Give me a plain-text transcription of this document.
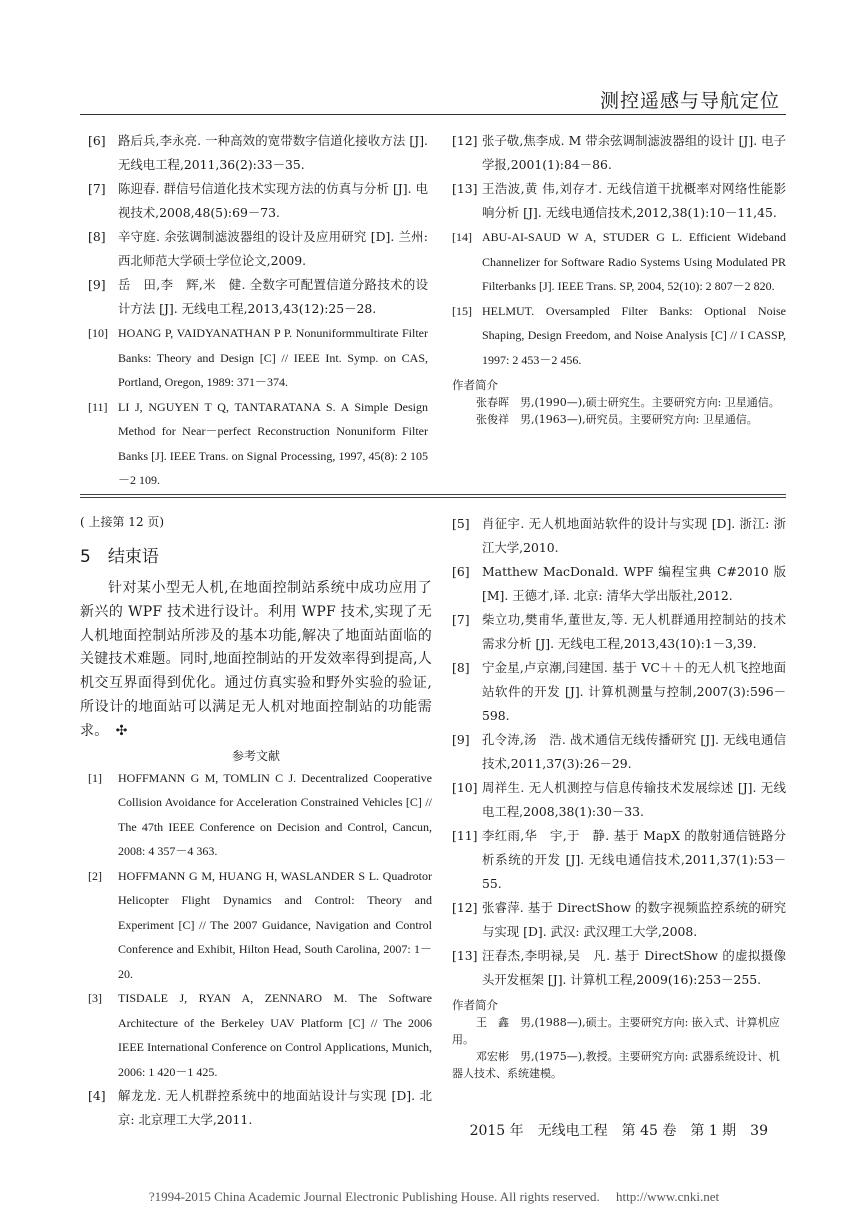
测控遥感与导航定位
[6]	路后兵,李永亮. 一种高效的宽带数字信道化接收方法 [J]. 无线电工程,2011,36(2):33－35.
[7]	陈迎春. 群信号信道化技术实现方法的仿真与分析 [J]. 电视技术,2008,48(5):69－73.
[8]	辛守庭. 余弦调制滤波器组的设计及应用研究 [D]. 兰州: 西北师范大学硕士学位论文,2009.
[9]	岳　田,李　辉,米　健. 全数字可配置信道分路技术的设计方法 [J]. 无线电工程,2013,43(12):25－28.
[10] HOANG P, VAIDYANATHAN P P. Nonuniformmultirate Filter Banks: Theory and Design [C] // IEEE Int. Symp. on CAS, Portland, Oregon, 1989: 371－374.
[11] LI J, NGUYEN T Q, TANTARATANA S. A Simple Design Method for Near－perfect Reconstruction Nonuniform Filter Banks [J]. IEEE Trans. on Signal Processing, 1997, 45(8): 2 105－2 109.
[12] 张子敬,焦李成. M 带余弦调制滤波器组的设计 [J]. 电子学报,2001(1):84－86.
[13] 王浩波,黄 伟,刘存才. 无线信道干扰概率对网络性能影响分析 [J]. 无线电通信技术,2012,38(1):10－11,45.
[14] ABU-AI-SAUD W A, STUDER G L. Efficient Wideband Channelizer for Software Radio Systems Using Modulated PR Filterbanks [J]. IEEE Trans. SP, 2004, 52(10): 2 807－2 820.
[15] HELMUT. Oversampled Filter Banks: Optional Noise Shaping, Design Freedom, and Noise Analysis [C] // I CASSP, 1997: 2 453－2 456.
作者简介
张春晖　男,(1990—),硕士研究生。主要研究方向: 卫星通信。
张俊祥　男,(1963—),研究员。主要研究方向: 卫星通信。
( 上接第 12 页)
5　结束语
针对某小型无人机,在地面控制站系统中成功应用了新兴的 WPF 技术进行设计。利用 WPF 技术,实现了无人机地面控制站所涉及的基本功能,解决了地面站面临的关键技术难题。同时,地面控制站的开发效率得到提高,人机交互界面得到优化。通过仿真实验和野外实验的验证,所设计的地面站可以满足无人机对地面控制站的功能需求。　✣
参考文献
[1]	HOFFMANN G M, TOMLIN C J. Decentralized Cooperative Collision Avoidance for Acceleration Constrained Vehicles [C] // The 47th IEEE Conference on Decision and Control, Cancun, 2008: 4 357－4 363.
[2]	HOFFMANN G M, HUANG H, WASLANDER S L. Quadrotor Helicopter Flight Dynamics and Control: Theory and Experiment [C] // The 2007 Guidance, Navigation and Control Conference and Exhibit, Hilton Head, South Carolina, 2007: 1－20.
[3]	TISDALE J, RYAN A, ZENNARO M. The Software Architecture of the Berkeley UAV Platform [C] // The 2006 IEEE International Conference on Control Applications, Munich, 2006: 1 420－1 425.
[4]	解龙龙. 无人机群控系统中的地面站设计与实现 [D]. 北京: 北京理工大学,2011.
[5]	肖征宇. 无人机地面站软件的设计与实现 [D]. 浙江: 浙江大学,2010.
[6]	Matthew MacDonald. WPF 编程宝典 C#2010 版 [M]. 王德才,译. 北京: 清华大学出版社,2012.
[7]	柴立功,樊甫华,董世友,等. 无人机群通用控制站的技术需求分析 [J]. 无线电工程,2013,43(10):1－3,39.
[8]	宁金星,卢京潮,闫建国. 基于 VC＋＋的无人机飞控地面站软件的开发 [J]. 计算机测量与控制,2007(3):596－598.
[9]	孔令涛,汤　浩. 战术通信无线传播研究 [J]. 无线电通信技术,2011,37(3):26－29.
[10] 周祥生. 无人机测控与信息传输技术发展综述 [J]. 无线电工程,2008,38(1):30－33.
[11] 李红雨,华　宇,于　静. 基于 MapX 的散射通信链路分析系统的开发 [J]. 无线电通信技术,2011,37(1):53－55.
[12] 张睿萍. 基于 DirectShow 的数字视频监控系统的研究与实现 [D]. 武汉: 武汉理工大学,2008.
[13] 汪春杰,李明禄,吴　凡. 基于 DirectShow 的虚拟摄像头开发框架 [J]. 计算机工程,2009(16):253－255.
作者简介
王　鑫　男,(1988—),硕士。主要研究方向: 嵌入式、计算机应用。
邓宏彬　男,(1975—),教授。主要研究方向: 武器系统设计、机器人技术、系统建模。
2015 年　无线电工程　第 45 卷　第 1 期　39
?1994-2015 China Academic Journal Electronic Publishing House. All rights reserved.　 http://www.cnki.net
